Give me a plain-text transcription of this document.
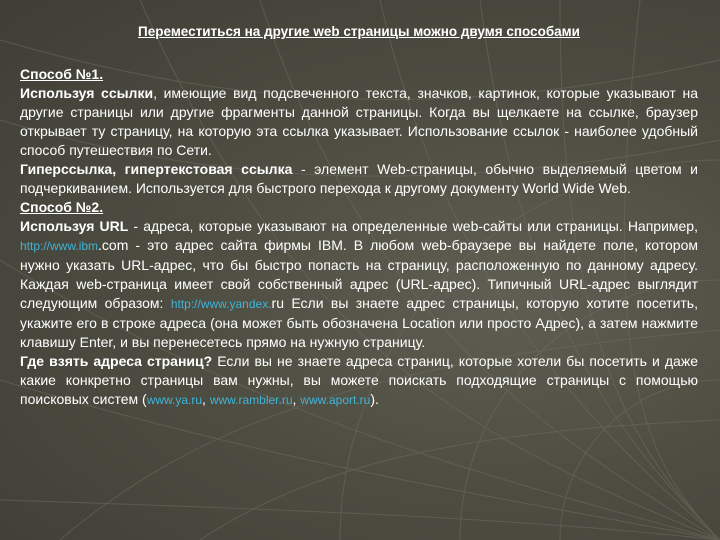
Переместиться на другие web страницы можно двумя способами

Способ №1.

Используя ссылки, имеющие вид подсвеченного текста, значков, картинок, которые указывают на другие страницы или другие фрагменты данной страницы. Когда вы щелкаете на ссылке, браузер открывает ту страницу, на которую эта ссылка указывает. Использование ссылок - наиболее удобный способ путешествия по Сети.

Гиперссылка, гипертекстовая ссылка - элемент Web-страницы, обычно выделяемый цветом и подчеркиванием. Используется для быстрого перехода к другому документу World Wide Web.

Способ №2.

Используя URL - адреса, которые указывают на определенные web-сайты или страницы. Например, http://www.ibm.com - это адрес сайта фирмы IBM. В любом web-браузере вы найдете поле, котором нужно указать URL-адрес, что бы быстро попасть на страницу, расположенную по данному адресу. Каждая web-страница имеет свой собственный адрес (URL-адрес). Типичный URL-адрес выглядит следующим образом: http://www.yandex.ru Если вы знаете адрес страницы, которую хотите посетить, укажите его в строке адреса (она может быть обозначена Location или просто Адрес), а затем нажмите клавишу Enter, и вы перенесетесь прямо на нужную страницу.

Где взять адреса страниц? Если вы не знаете адреса страниц, которые хотели бы посетить и даже какие конкретно страницы вам нужны, вы можете поискать подходящие страницы с помощью поисковых систем (www.ya.ru, www.rambler.ru, www.aport.ru).
